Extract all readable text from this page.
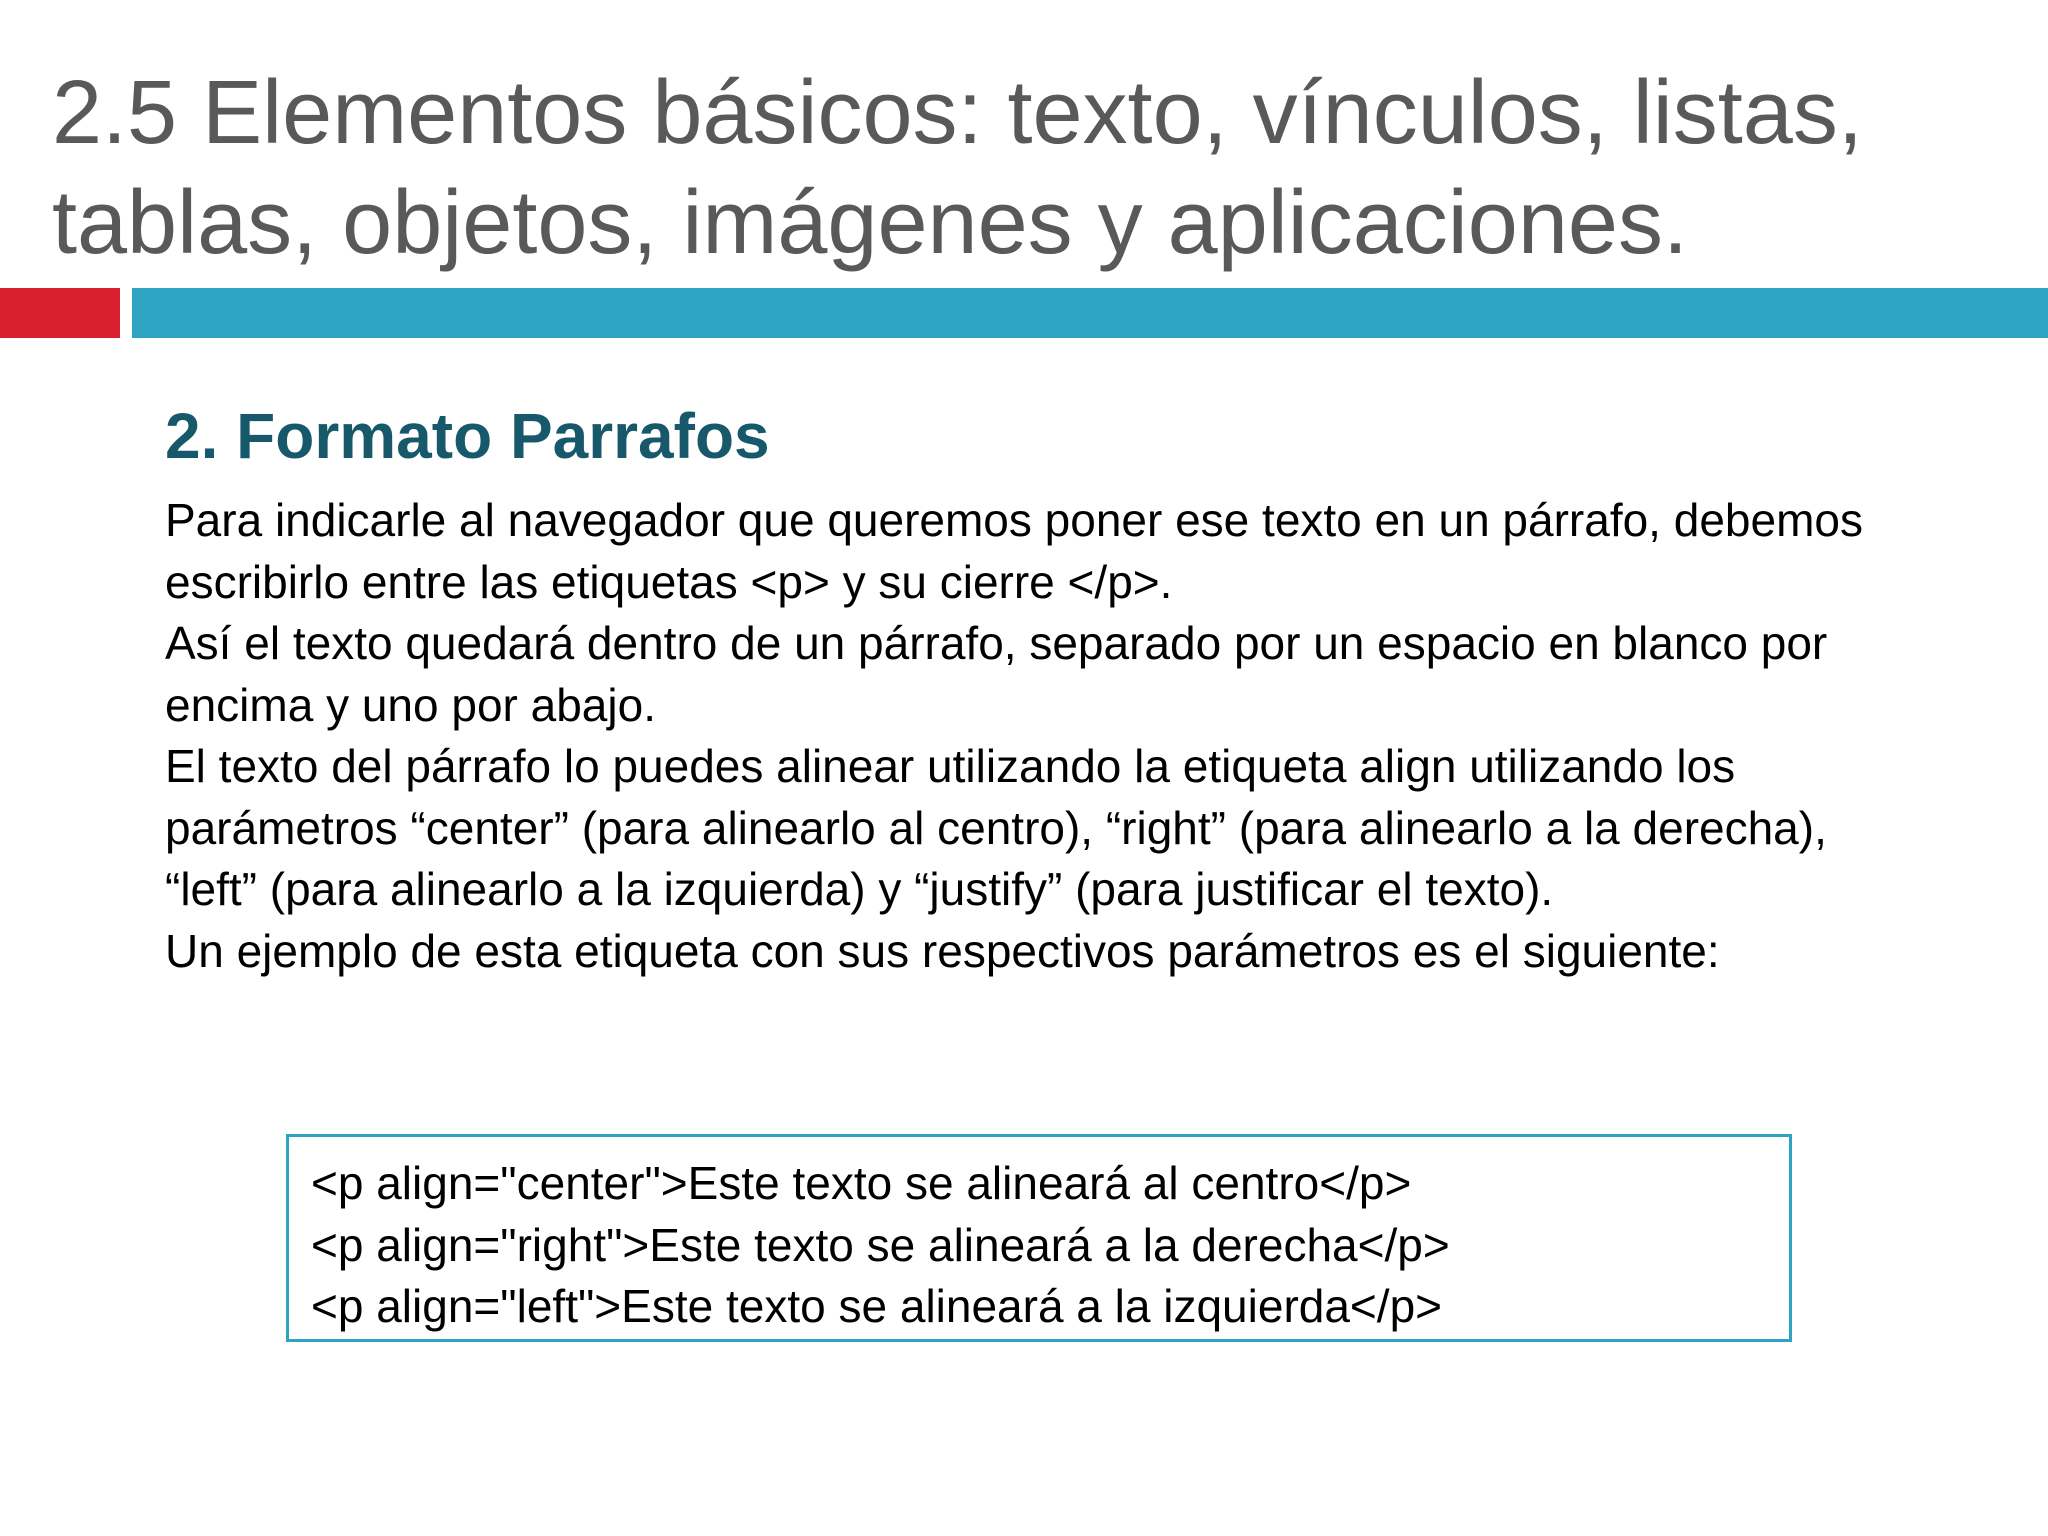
2.5 Elementos básicos: texto, vínculos, listas,
tablas, objetos, imágenes y aplicaciones.
2. Formato Parrafos

Para indicarle al navegador que queremos poner ese texto en un párrafo, debemos escribirlo entre las etiquetas <p> y su cierre </p>.

Así el texto quedará dentro de un párrafo, separado por un espacio en blanco por encima y uno por abajo.

El texto del párrafo lo puedes alinear utilizando la etiqueta align utilizando los parámetros “center” (para alinearlo al centro), “right” (para alinearlo a la derecha), “left” (para alinearlo a la izquierda) y “justify” (para justificar el texto).

Un ejemplo de esta etiqueta con sus respectivos parámetros es el siguiente:

<p align="center">Este texto se alineará al centro</p>
<p align="right">Este texto se alineará a la derecha</p>
<p align="left">Este texto se alineará a la izquierda</p>
